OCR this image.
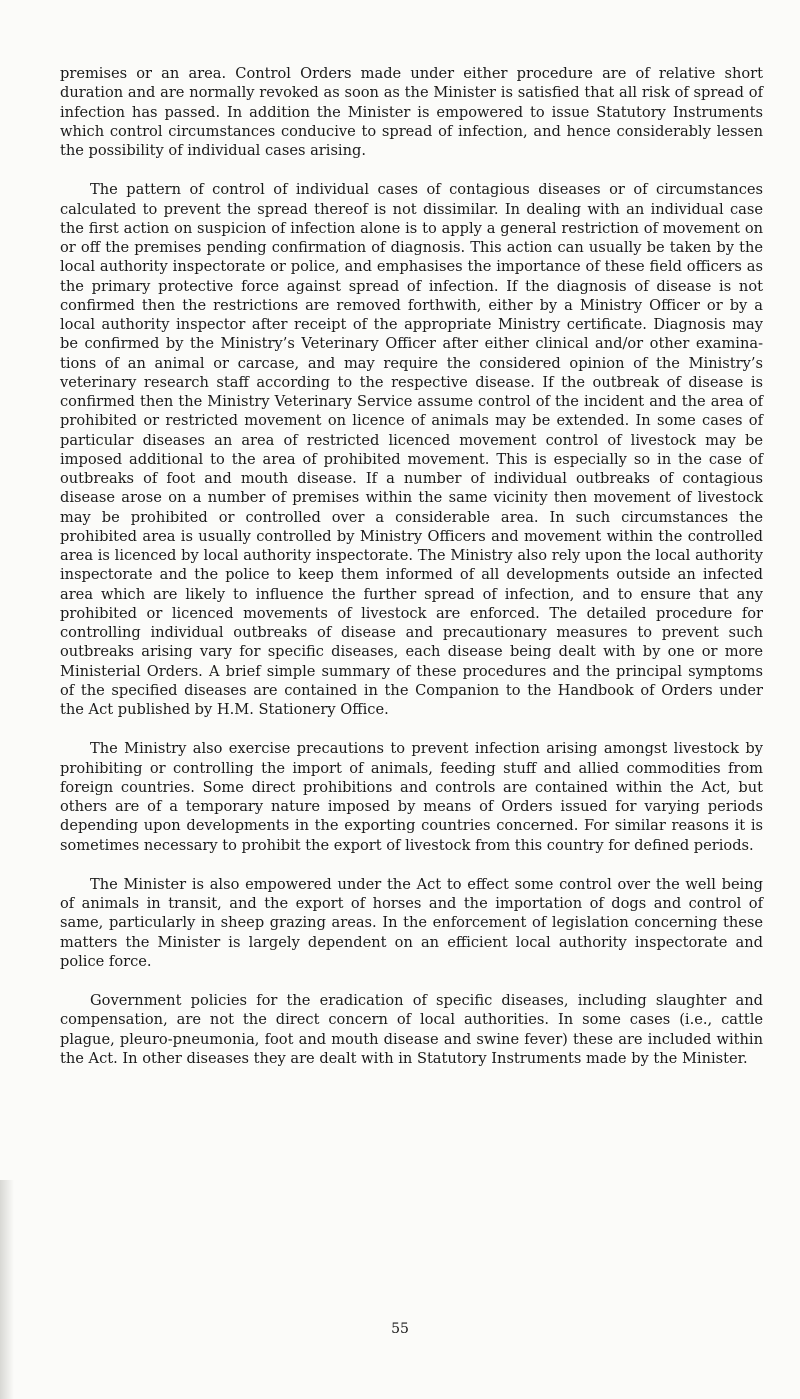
premises or an area. Control Orders made under either procedure are of relative short duration and are normally revoked as soon as the Minister is satisfied that all risk of spread of infection has passed. In addition the Minister is empowered to issue Statutory Instruments which control circumstances conducive to spread of infection, and hence considerably lessen the possibility of individual cases arising.

The pattern of control of individual cases of contagious diseases or of circumstances calculated to prevent the spread thereof is not dissimilar. In dealing with an individual case the first action on suspicion of infection alone is to apply a general restriction of movement on or off the premises pending confirmation of diagnosis. This action can usually be taken by the local authority inspectorate or police, and emphasises the importance of these field officers as the primary protective force against spread of infection. If the diagnosis of disease is not confirmed then the restrictions are removed forthwith, either by a Ministry Officer or by a local authority inspector after receipt of the appropriate Ministry certificate. Diagnosis may be confirmed by the Ministry’s Veterinary Officer after either clinical and/or other examinations of an animal or carcase, and may require the considered opinion of the Ministry’s veterinary research staff according to the respective disease. If the outbreak of disease is confirmed then the Ministry Veterinary Service assume control of the incident and the area of prohibited or restricted movement on licence of animals may be extended. In some cases of particular diseases an area of restricted licenced movement control of livestock may be imposed additional to the area of prohibited movement. This is especially so in the case of outbreaks of foot and mouth disease. If a number of individual outbreaks of contagious disease arose on a number of premises within the same vicinity then movement of livestock may be prohibited or controlled over a considerable area. In such circumstances the prohibited area is usually controlled by Ministry Officers and movement within the controlled area is licenced by local authority inspectorate. The Ministry also rely upon the local authority inspectorate and the police to keep them informed of all developments outside an infected area which are likely to influence the further spread of infection, and to ensure that any prohibited or licenced movements of livestock are enforced. The detailed procedure for controlling individual outbreaks of disease and precautionary measures to prevent such outbreaks arising vary for specific diseases, each disease being dealt with by one or more Ministerial Orders. A brief simple summary of these procedures and the principal symptoms of the specified diseases are contained in the Companion to the Handbook of Orders under the Act published by H.M. Stationery Office.

The Ministry also exercise precautions to prevent infection arising amongst livestock by prohibiting or controlling the import of animals, feeding stuff and allied commodities from foreign countries. Some direct prohibitions and controls are contained within the Act, but others are of a temporary nature imposed by means of Orders issued for varying periods depending upon developments in the exporting countries concerned. For similar reasons it is sometimes necessary to prohibit the export of livestock from this country for defined periods.

The Minister is also empowered under the Act to effect some control over the well being of animals in transit, and the export of horses and the importation of dogs and control of same, particularly in sheep grazing areas. In the enforcement of legislation concerning these matters the Minister is largely dependent on an efficient local authority inspectorate and police force.

Government policies for the eradication of specific diseases, including slaughter and compensation, are not the direct concern of local authorities. In some cases (i.e., cattle plague, pleuro-pneumonia, foot and mouth disease and swine fever) these are included within the Act. In other diseases they are dealt with in Statutory Instruments made by the Minister.

55
